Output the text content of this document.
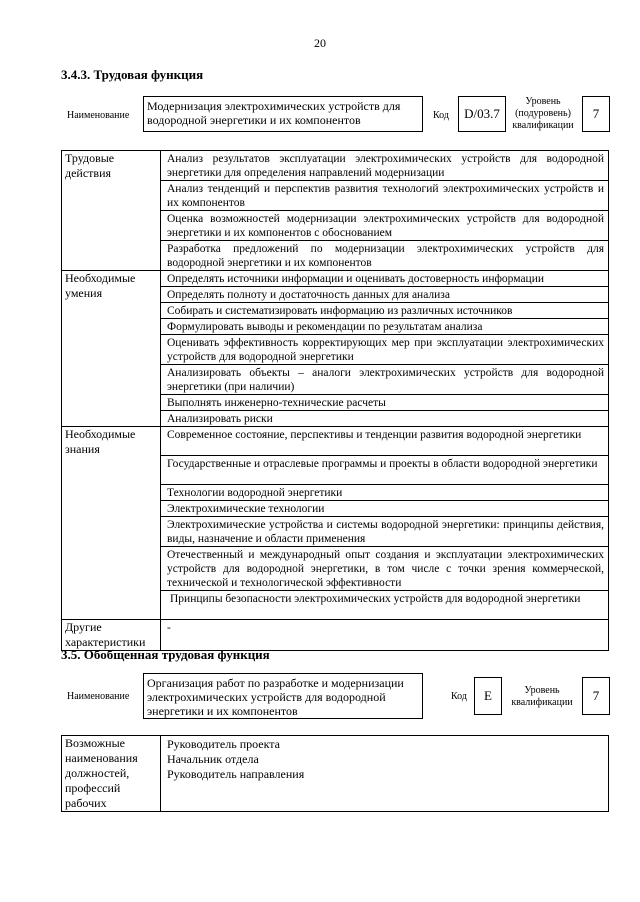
20
3.4.3. Трудовая функция
Наименование
Модернизация электрохимических устройств для водородной энергетики и их компонентов	Код	D/03.7
Уровень (подуровень) квалификации
7
Трудовые действия	Анализ результатов эксплуатации электрохимических устройств для водородной энергетики для определения направлений модернизации
	Анализ тенденций и перспектив развития технологий электрохимических устройств и их компонентов
	Оценка возможностей модернизации электрохимических устройств для водородной энергетики и их компонентов с обоснованием
	Разработка предложений по модернизации электрохимических устройств для водородной энергетики и их компонентов
Необходимые умения	Определять источники информации и оценивать достоверность информации
	Определять полноту и достаточность данных для анализа
	Собирать и систематизировать информацию из различных источников
	Формулировать выводы и рекомендации по результатам анализа
	Оценивать эффективность корректирующих мер при эксплуатации электрохимических устройств для водородной энергетики
	Анализировать объекты – аналоги электрохимических устройств для водородной энергетики (при наличии)
	Выполнять инженерно-технические расчеты
	Анализировать риски
Необходимые знания	Современное состояние, перспективы и тенденции развития водородной энергетики
	Государственные и отраслевые программы и проекты в области водородной энергетики
	Технологии водородной энергетики
	Электрохимические технологии
	Электрохимические устройства и системы водородной энергетики: принципы действия, виды, назначение и области применения
	Отечественный и международный опыт создания и эксплуатации электрохимических устройств для водородной энергетики, в том числе с точки зрения коммерческой, технической и технологической эффективности
	Принципы безопасности электрохимических устройств для водородной энергетики
Другие характеристики	-
3.5. Обобщенная трудовая функция
Наименование
Организация работ по разработке и модернизации электрохимических устройств для водородной энергетики и их компонентов
Код	Е	Уровень квалификации	7
Возможные наименования должностей, профессий рабочих	
Руководитель проекта
Начальник отдела
Руководитель направления
